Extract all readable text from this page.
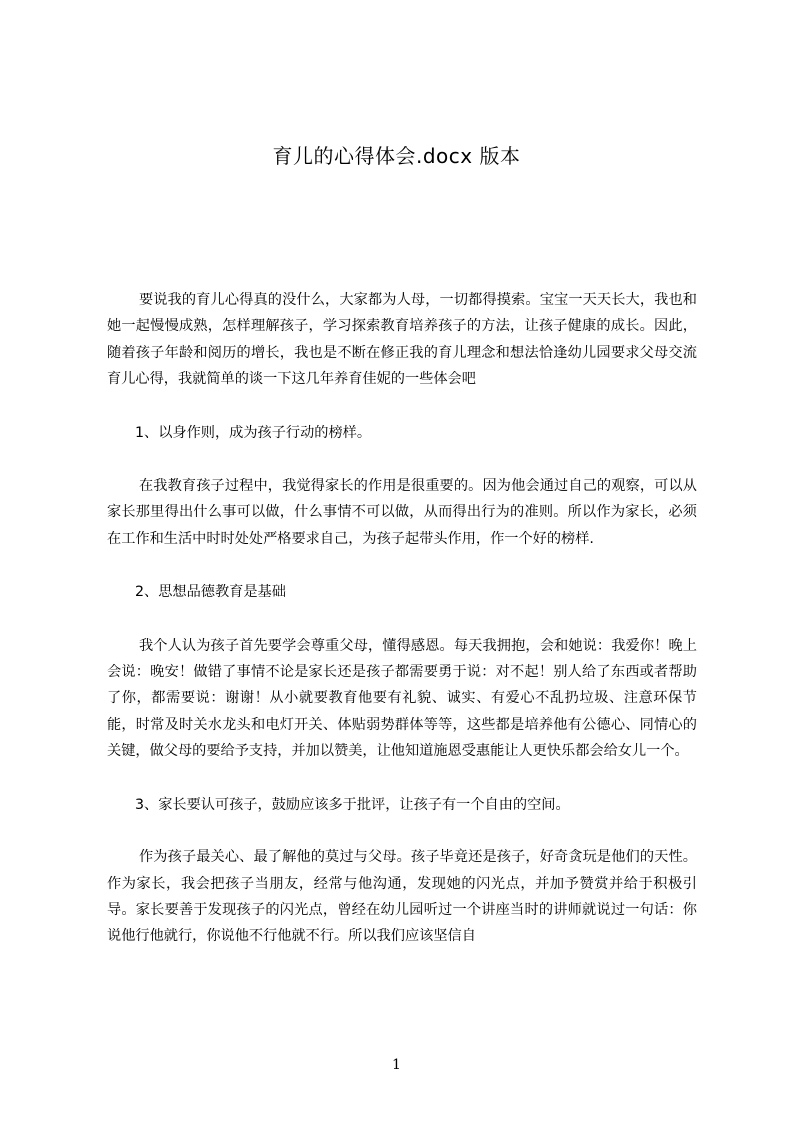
育儿的心得体会.docx 版本

要说我的育儿心得真的没什么，大家都为人母，一切都得摸索。宝宝一天天长大，我也和她一起慢慢成熟，怎样理解孩子，学习探索教育培养孩子的方法，让孩子健康的成长。因此，随着孩子年龄和阅历的增长，我也是不断在修正我的育儿理念和想法恰逢幼儿园要求父母交流育儿心得，我就简单的谈一下这几年养育佳妮的一些体会吧

1、以身作则，成为孩子行动的榜样。

在我教育孩子过程中，我觉得家长的作用是很重要的。因为他会通过自己的观察，可以从家长那里得出什么事可以做，什么事情不可以做，从而得出行为的准则。所以作为家长，必须在工作和生活中时时处处严格要求自己，为孩子起带头作用，作一个好的榜样.

2、思想品德教育是基础

我个人认为孩子首先要学会尊重父母，懂得感恩。每天我拥抱，会和她说：我爱你！晚上会说：晚安！做错了事情不论是家长还是孩子都需要勇于说：对不起！别人给了东西或者帮助了你，都需要说：谢谢！从小就要教育他要有礼貌、诚实、有爱心不乱扔垃圾、注意环保节能，时常及时关水龙头和电灯开关、体贴弱势群体等等，这些都是培养他有公德心、同情心的关键，做父母的要给予支持，并加以赞美，让他知道施恩受惠能让人更快乐都会给女儿一个。

3、家长要认可孩子，鼓励应该多于批评，让孩子有一个自由的空间。

作为孩子最关心、最了解他的莫过与父母。孩子毕竟还是孩子，好奇贪玩是他们的天性。作为家长，我会把孩子当朋友，经常与他沟通，发现她的闪光点，并加予赞赏并给于积极引导。家长要善于发现孩子的闪光点，曾经在幼儿园听过一个讲座当时的讲师就说过一句话：你说他行他就行，你说他不行他就不行。所以我们应该坚信自

1
